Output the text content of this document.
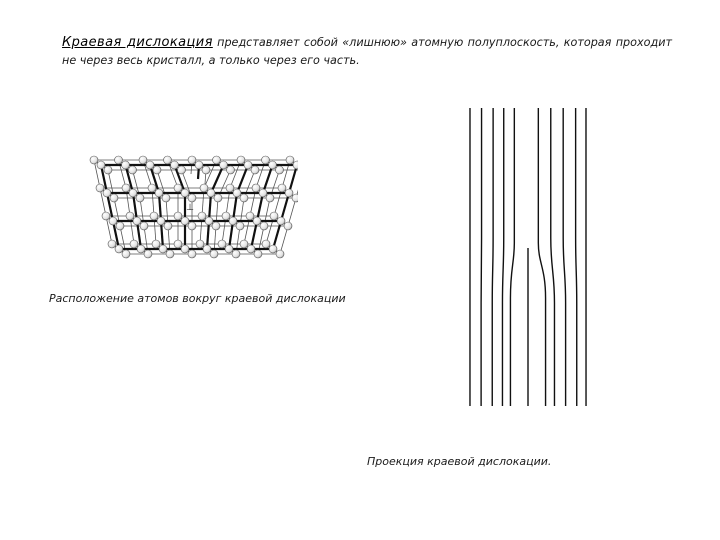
Краевая дислокация представляет собой «лишнюю» атомную полуплоскость, которая проходит не через весь кристалл, а только через его часть.
⊥
Расположение атомов вокруг краевой дислокации
Проекция краевой дислокации.
